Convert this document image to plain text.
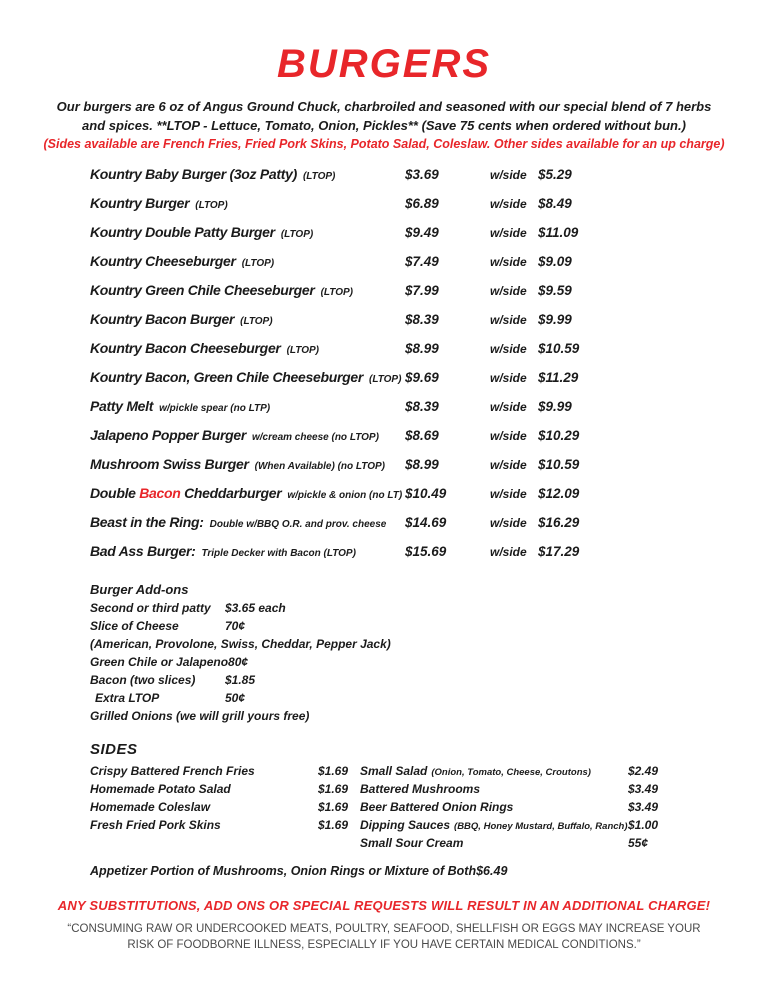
BURGERS
Our burgers are 6 oz of Angus Ground Chuck, charbroiled and seasoned with our special blend of 7 herbs
and spices. **LTOP - Lettuce, Tomato, Onion, Pickles** (Save 75 cents when ordered without bun.)
(Sides available are French Fries, Fried Pork Skins, Potato Salad, Coleslaw. Other sides available for an up charge)
Kountry Baby Burger (3oz Patty) (LTOP)	$3.69	w/side $5.29
Kountry Burger (LTOP)	$6.89	w/side $8.49
Kountry Double Patty Burger (LTOP)	$9.49	w/side $11.09
Kountry Cheeseburger (LTOP)	$7.49	w/side $9.09
Kountry Green Chile Cheeseburger (LTOP)	$7.99	w/side $9.59
Kountry Bacon Burger (LTOP)	$8.39	w/side $9.99
Kountry Bacon Cheeseburger (LTOP)	$8.99	w/side $10.59
Kountry Bacon, Green Chile Cheeseburger (LTOP) $9.69	w/side $11.29
Patty Melt w/pickle spear (no LTP)	$8.39	w/side $9.99
Jalapeno Popper Burger w/cream cheese (no LTOP)	$8.69	w/side $10.29
Mushroom Swiss Burger (When Available) (no LTOP)	$8.99	w/side $10.59
Double Bacon Cheddarburger w/pickle & onion (no LT) $10.49	w/side $12.09
Beast in the Ring: Double w/BBQ O.R. and prov. cheese	$14.69	w/side $16.29
Bad Ass Burger: Triple Decker with Bacon (LTOP)	$15.69	w/side $17.29
Burger Add-ons
Second or third patty	$3.65 each
Slice of Cheese	70¢
(American, Provolone, Swiss, Cheddar, Pepper Jack)
Green Chile or Jalapeno 80¢
Bacon (two slices)	$1.85
Extra LTOP	50¢
Grilled Onions (we will grill yours free)
SIDES
Crispy Battered French Fries	$1.69
Homemade Potato Salad	$1.69
Homemade Coleslaw	$1.69
Fresh Fried Pork Skins	$1.69
Small Salad (Onion, Tomato, Cheese, Croutons)	$2.49
Battered Mushrooms	$3.49
Beer Battered Onion Rings	$3.49
Dipping Sauces (BBQ, Honey Mustard, Buffalo, Ranch) $1.00
Small Sour Cream	55¢
Appetizer Portion of Mushrooms, Onion Rings or Mixture of Both $6.49
ANY SUBSTITUTIONS, ADD ONS OR SPECIAL REQUESTS WILL RESULT IN AN ADDITIONAL CHARGE!
“CONSUMING RAW OR UNDERCOOKED MEATS, POULTRY, SEAFOOD, SHELLFISH OR EGGS MAY INCREASE YOUR
RISK OF FOODBORNE ILLNESS, ESPECIALLY IF YOU HAVE CERTAIN MEDICAL CONDITIONS.”
